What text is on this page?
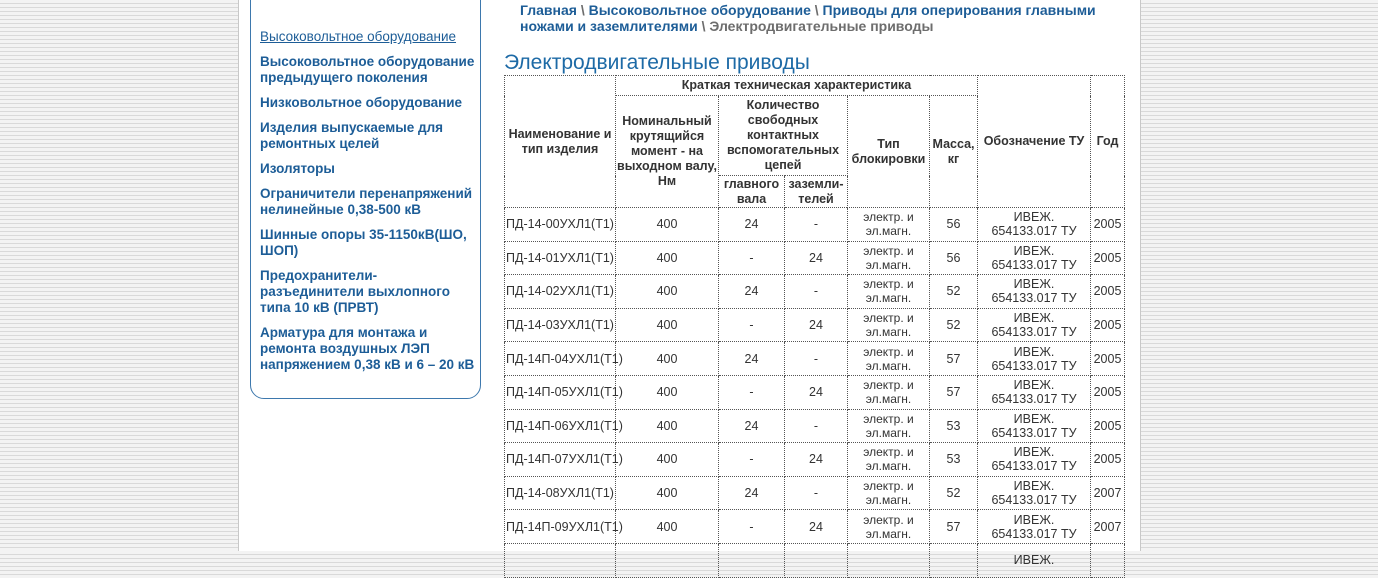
Высоковольтное оборудование
Высоковольтное оборудование предыдущего поколения
Низковольтное оборудование
Изделия выпускаемые для ремонтных целей
Изоляторы
Ограничители перенапряжений нелинейные 0,38-500 кВ
Шинные опоры 35-1150кВ(ШО, ШОП)
Предохранители-разъединители выхлопного типа 10 кВ (ПРВТ)
Арматура для монтажа и ремонта воздушных ЛЭП напряжением 0,38 кВ и 6 – 20 кВ
Главная \ Высоковольтное оборудование \ Приводы для оперирования главными ножами и заземлителями \ Электродвигательные приводы
Электродвигательные приводы
Наименование и тип изделия	Краткая техническая характеристика					Обозначение ТУ	Год
	Номинальный крутящийся момент - на выходном валу, Нм	Количество свободных контактных вспомогательных цепей		Тип блокировки	Масса, кг		
		главного вала	заземли-телей				
ПД-14-00УХЛ1(Т1)	400	24	-	электр. и эл.магн.	56	ИВЕЖ. 654133.017 ТУ	2005
ПД-14-01УХЛ1(Т1)	400	-	24	электр. и эл.магн.	56	ИВЕЖ. 654133.017 ТУ	2005
ПД-14-02УХЛ1(Т1)	400	24	-	электр. и эл.магн.	52	ИВЕЖ. 654133.017 ТУ	2005
ПД-14-03УХЛ1(Т1)	400	-	24	электр. и эл.магн.	52	ИВЕЖ. 654133.017 ТУ	2005
ПД-14П-04УХЛ1(Т1)	400	24	-	электр. и эл.магн.	57	ИВЕЖ. 654133.017 ТУ	2005
ПД-14П-05УХЛ1(Т1)	400	-	24	электр. и эл.магн.	57	ИВЕЖ. 654133.017 ТУ	2005
ПД-14П-06УХЛ1(Т1)	400	24	-	электр. и эл.магн.	53	ИВЕЖ. 654133.017 ТУ	2005
ПД-14П-07УХЛ1(Т1)	400	-	24	электр. и эл.магн.	53	ИВЕЖ. 654133.017 ТУ	2005
ПД-14-08УХЛ1(Т1)	400	24	-	электр. и эл.магн.	52	ИВЕЖ. 654133.017 ТУ	2007
ПД-14П-09УХЛ1(Т1)	400	-	24	электр. и эл.магн.	57	ИВЕЖ. 654133.017 ТУ	2007
						ИВЕЖ.	
